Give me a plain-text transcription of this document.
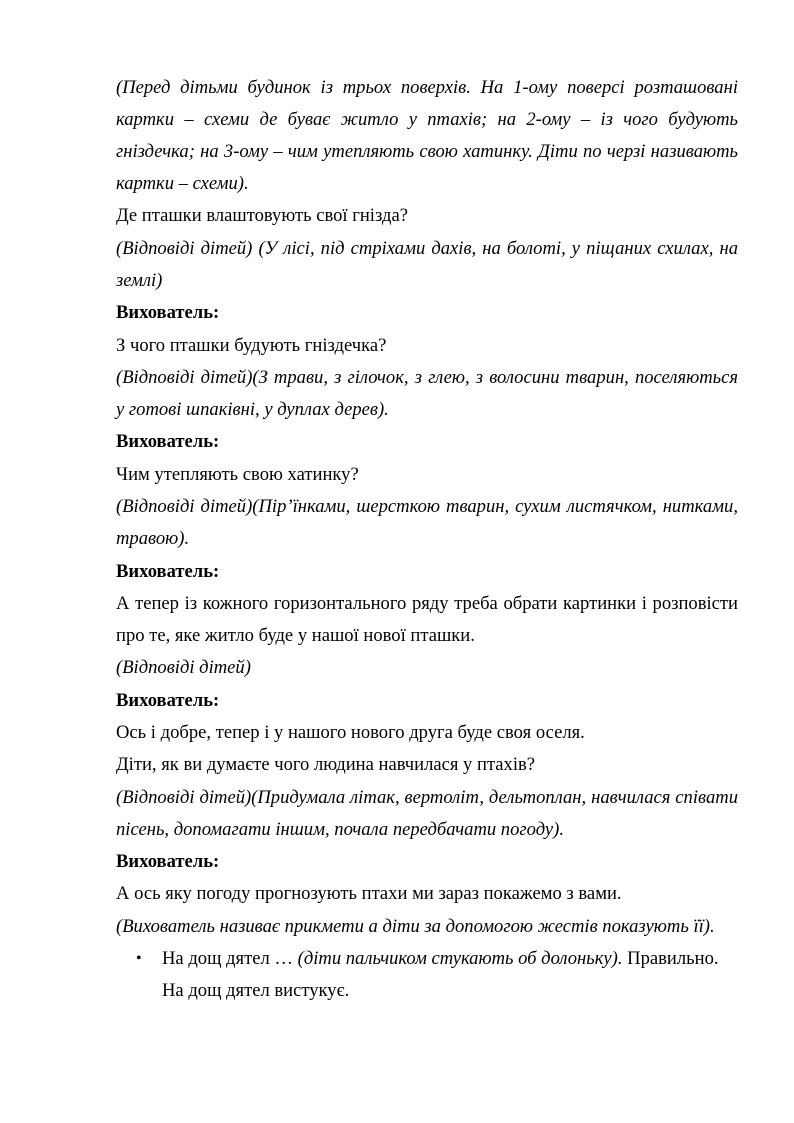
(Перед дітьми будинок із трьох поверхів. На 1-ому поверсі розташовані
картки – схеми де буває житло у птахів; на 2-ому – із чого будують
гніздечка; на 3-ому – чим утепляють свою хатинку. Діти по черзі називають
картки – схеми).
Де пташки влаштовують свої гнізда?
(Відповіді дітей) (У лісі, під стріхами дахів, на болоті, у піщаних схилах, на
землі)
Вихователь:
З чого пташки будують гніздечка?
(Відповіді дітей)(З трави, з гілочок, з глею, з волосини тварин, поселяються
у готові шпаківні, у дуплах дерев).
Вихователь:
Чим утепляють свою хатинку?
(Відповіді дітей)(Пір’їнками, шерсткою тварин, сухим листячком, нитками,
травою).
Вихователь:
А тепер із кожного горизонтального ряду треба обрати картинки і розповісти
про те, яке житло буде у нашої нової пташки.
(Відповіді дітей)
Вихователь:
Ось і добре, тепер і у нашого нового друга буде своя оселя.
Діти, як ви думаєте чого людина навчилася у птахів?
(Відповіді дітей)(Придумала літак, вертоліт, дельтоплан, навчилася співати
пісень, допомагати іншим, почала передбачати погоду).
Вихователь:
А ось яку погоду прогнозують птахи ми зараз покажемо з вами.
(Вихователь називає прикмети а діти за допомогою жестів показують її).
• На дощ дятел … (діти пальчиком стукають об долоньку). Правильно.
На дощ дятел вистукує.
